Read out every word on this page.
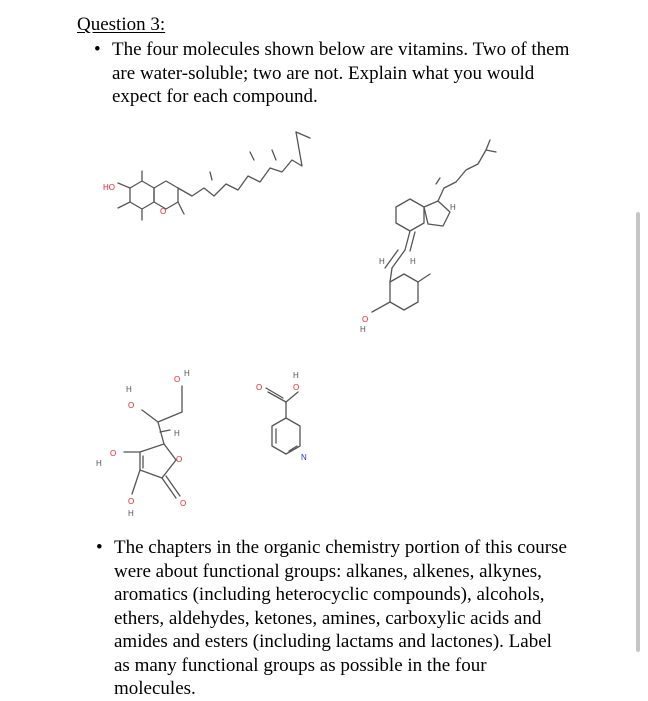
Question 3:
• The four molecules shown below are vitamins. Two of them
are water-soluble; two are not. Explain what you would
expect for each compound.
HO
O	H
H	H
O
H
O
H
H
O
H
H
O
O
O
O
H
O
H
O
N
• The chapters in the organic chemistry portion of this course
were about functional groups: alkanes, alkenes, alkynes,
aromatics (including heterocyclic compounds), alcohols,
ethers, aldehydes, ketones, amines, carboxylic acids and
amides and esters (including lactams and lactones). Label
as many functional groups as possible in the four
molecules.
